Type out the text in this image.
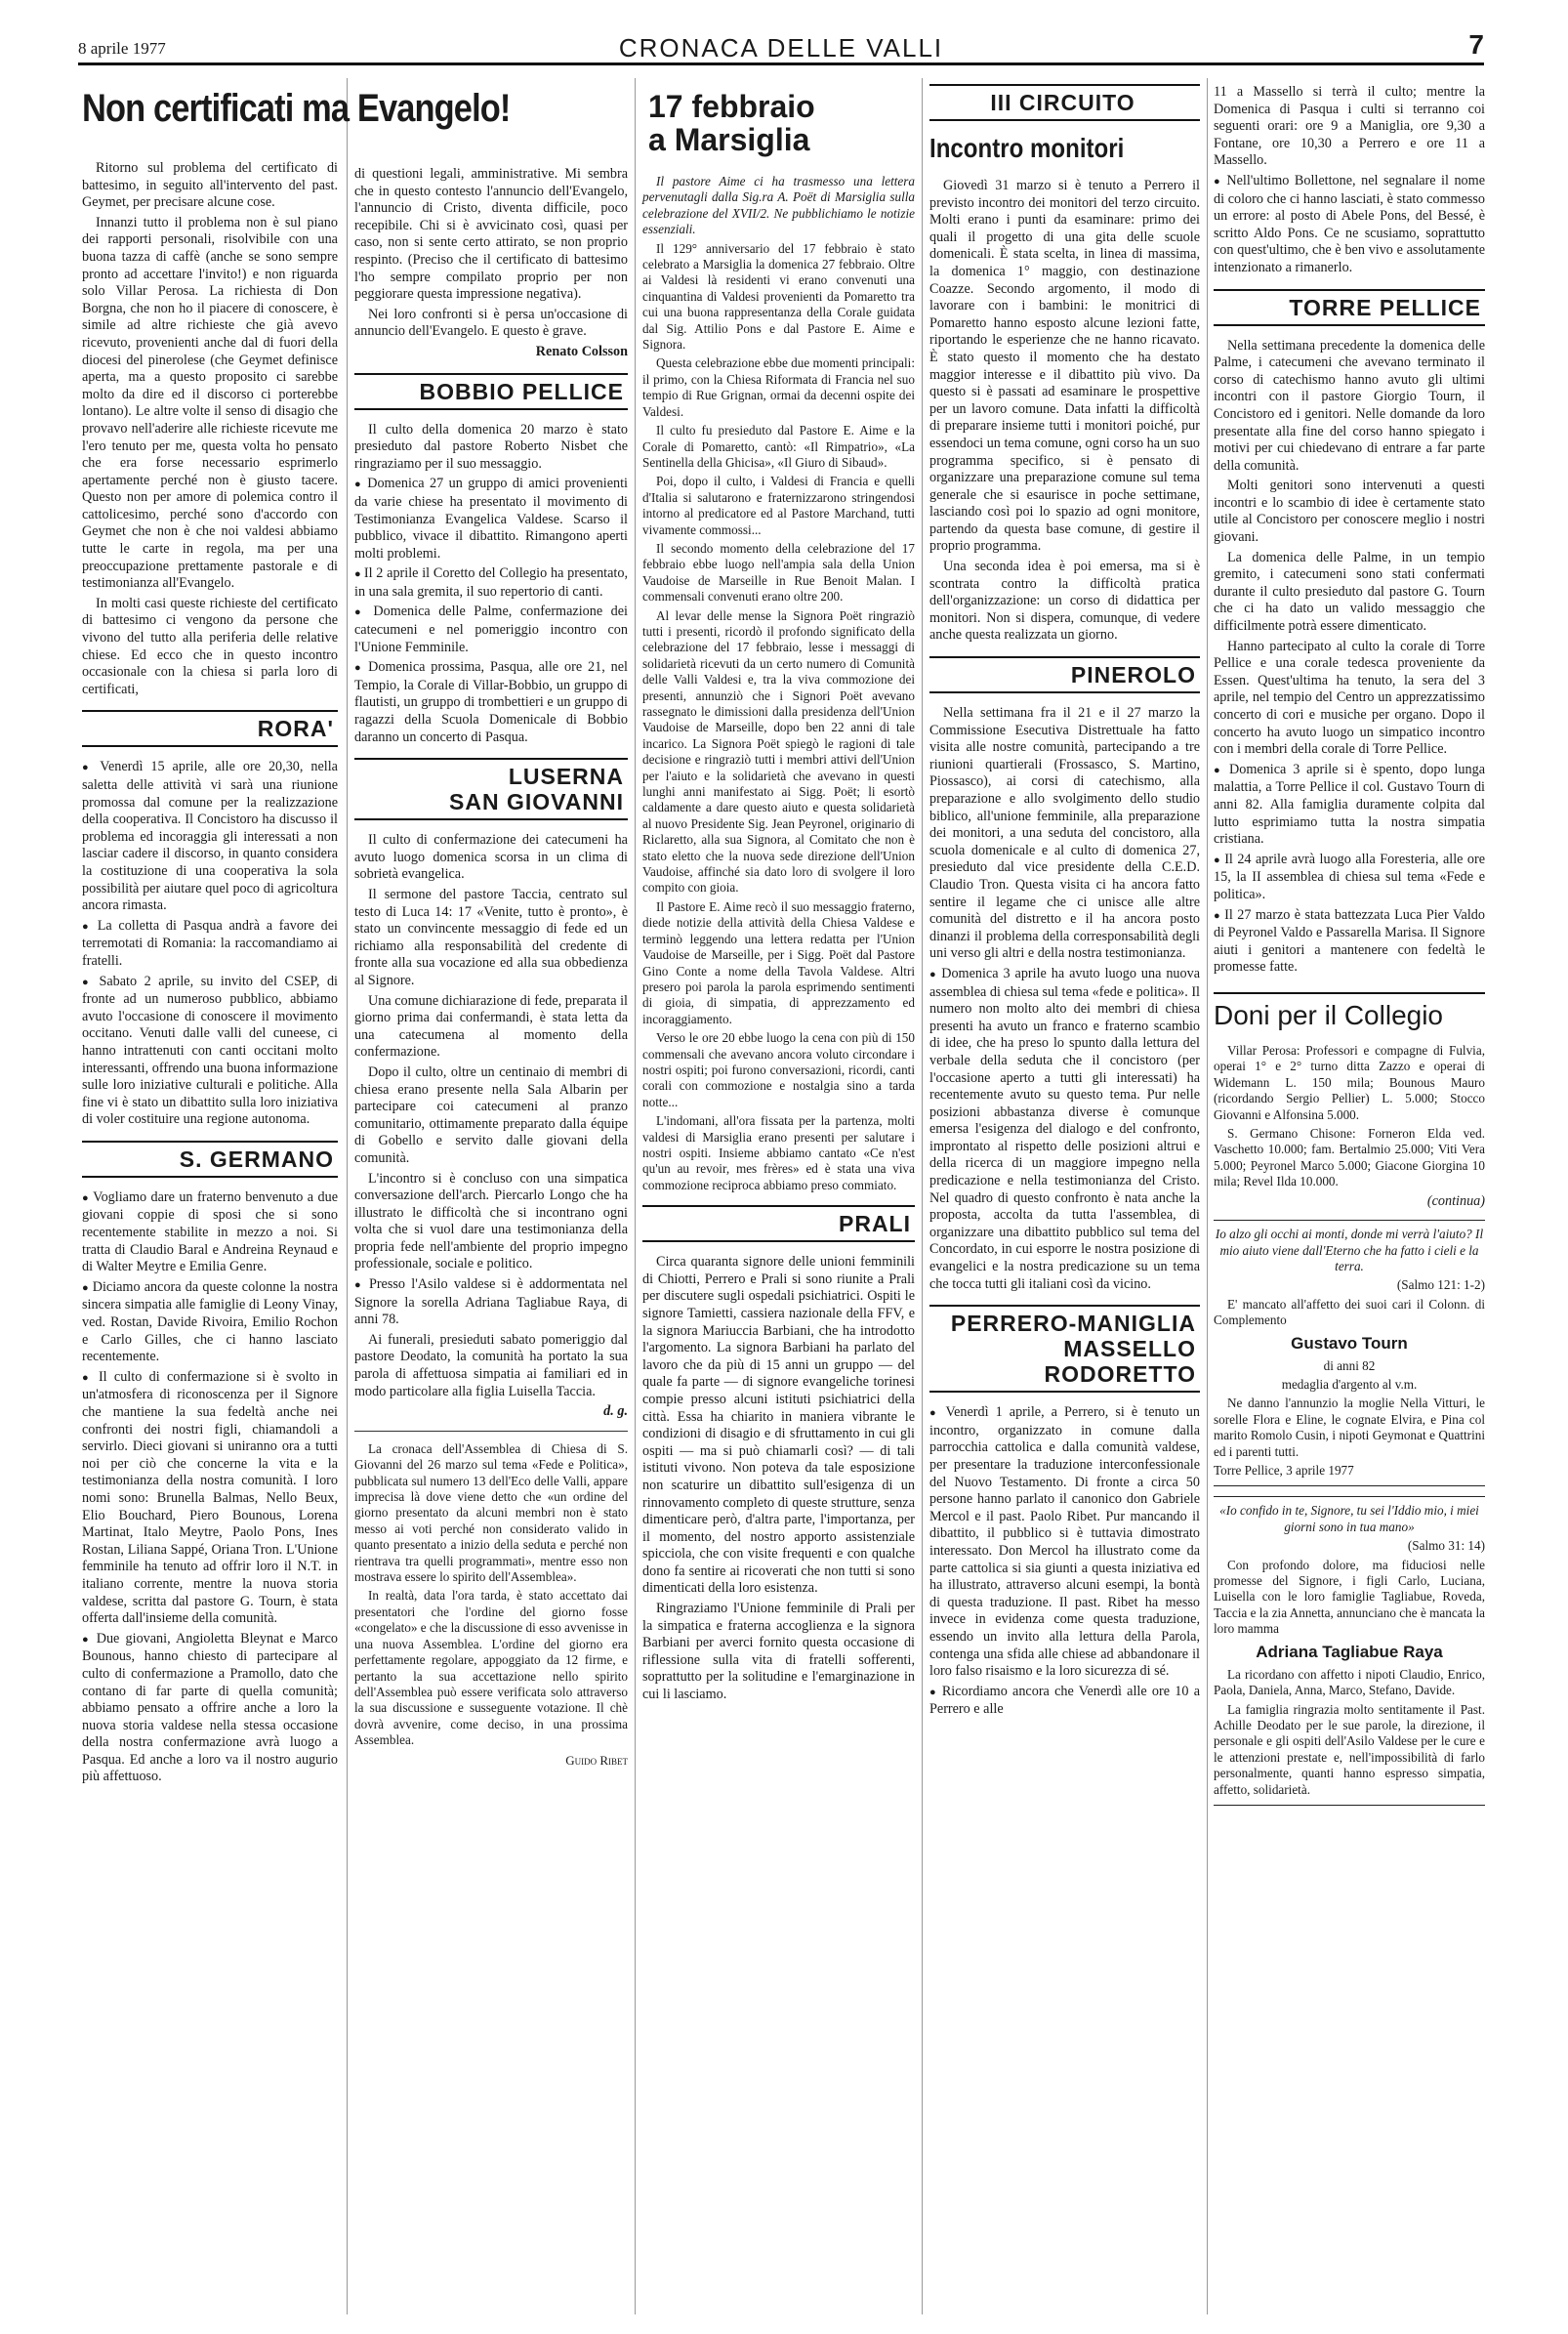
8 aprile 1977	CRONACA DELLE VALLI	7
Non certificati ma Evangelo!

Ritorno sul problema del certificato di battesimo, in seguito all'intervento del past. Geymet, per precisare alcune cose.

Innanzi tutto il problema non è sul piano dei rapporti personali, risolvibile con una buona tazza di caffè (anche se sono sempre pronto ad accettare l'invito!) e non riguarda solo Villar Perosa. La richiesta di Don Borgna, che non ho il piacere di conoscere, è simile ad altre richieste che già avevo ricevuto, provenienti anche dal di fuori della diocesi del pinerolese (che Geymet definisce aperta, ma a questo proposito ci sarebbe molto da dire ed il discorso ci porterebbe lontano). Le altre volte il senso di disagio che provavo nell'aderire alle richieste ricevute me l'ero tenuto per me, questa volta ho pensato che era forse necessario esprimerlo apertamente perché non è giusto tacere. Questo non per amore di polemica contro il cattolicesimo, perché sono d'accordo con Geymet che non è che noi valdesi abbiamo tutte le carte in regola, ma per una preoccupazione prettamente pastorale e di testimonianza all'Evangelo.

In molti casi queste richieste del certificato di battesimo ci vengono da persone che vivono del tutto alla periferia delle relative chiese. Ed ecco che in questo incontro occasionale con la chiesa si parla loro di certificati,

RORA'

● Venerdì 15 aprile, alle ore 20,30, nella saletta delle attività vi sarà una riunione promossa dal comune per la realizzazione della cooperativa. Il Concistoro ha discusso il problema ed incoraggia gli interessati a non lasciar cadere il discorso, in quanto considera la costituzione di una cooperativa la sola possibilità per aiutare quel poco di agricoltura ancora rimasta.

● La colletta di Pasqua andrà a favore dei terremotati di Romania: la raccomandiamo ai fratelli.

● Sabato 2 aprile, su invito del CSEP, di fronte ad un numeroso pubblico, abbiamo avuto l'occasione di conoscere il movimento occitano. Venuti dalle valli del cuneese, ci hanno intrattenuti con canti occitani molto interessanti, offrendo una buona informazione sulle loro iniziative culturali e politiche. Alla fine vi è stato un dibattito sulla loro iniziativa di voler costituire una regione autonoma.

S. GERMANO

● Vogliamo dare un fraterno benvenuto a due giovani coppie di sposi che si sono recentemente stabilite in mezzo a noi. Si tratta di Claudio Baral e Andreina Reynaud e di Walter Meytre e Emilia Genre.

● Diciamo ancora da queste colonne la nostra sincera simpatia alle famiglie di Leony Vinay, ved. Rostan, Davide Rivoira, Emilio Rochon e Carlo Gilles, che ci hanno lasciato recentemente.

● Il culto di confermazione si è svolto in un'atmosfera di riconoscenza per il Signore che mantiene la sua fedeltà anche nei confronti dei nostri figli, chiamandoli a servirlo. Dieci giovani si uniranno ora a tutti noi per ciò che concerne la vita e la testimonianza della nostra comunità. I loro nomi sono: Brunella Balmas, Nello Beux, Elio Bouchard, Piero Bounous, Lorena Martinat, Italo Meytre, Paolo Pons, Ines Rostan, Liliana Sappé, Oriana Tron. L'Unione femminile ha tenuto ad offrir loro il N.T. in italiano corrente, mentre la nuova storia valdese, scritta dal pastore G. Tourn, è stata offerta dall'insieme della comunità.

● Due giovani, Angioletta Bleynat e Marco Bounous, hanno chiesto di partecipare al culto di confermazione a Pramollo, dato che contano di far parte di quella comunità; abbiamo pensato a offrire anche a loro la nuova storia valdese nella stessa occasione della nostra confermazione avrà luogo a Pasqua. Ed anche a loro va il nostro augurio più affettuoso.

di questioni legali, amministrative. Mi sembra che in questo contesto l'annuncio dell'Evangelo, l'annuncio di Cristo, diventa difficile, poco recepibile. Chi si è avvicinato così, quasi per caso, non si sente certo attirato, se non proprio respinto. (Preciso che il certificato di battesimo l'ho sempre compilato proprio per non peggiorare questa impressione negativa).

Nei loro confronti si è persa un'occasione di annuncio dell'Evangelo. E questo è grave.

Renato Colsson

BOBBIO PELLICE

Il culto della domenica 20 marzo è stato presieduto dal pastore Roberto Nisbet che ringraziamo per il suo messaggio.

● Domenica 27 un gruppo di amici provenienti da varie chiese ha presentato il movimento di Testimonianza Evangelica Valdese. Scarso il pubblico, vivace il dibattito. Rimangono aperti molti problemi.

● Il 2 aprile il Coretto del Collegio ha presentato, in una sala gremita, il suo repertorio di canti.

● Domenica delle Palme, confermazione dei catecumeni e nel pomeriggio incontro con l'Unione Femminile.

● Domenica prossima, Pasqua, alle ore 21, nel Tempio, la Corale di Villar-Bobbio, un gruppo di flautisti, un gruppo di trombettieri e un gruppo di ragazzi della Scuola Domenicale di Bobbio daranno un concerto di Pasqua.

LUSERNA
SAN GIOVANNI

Il culto di confermazione dei catecumeni ha avuto luogo domenica scorsa in un clima di sobrietà evangelica.

Il sermone del pastore Taccia, centrato sul testo di Luca 14: 17 «Venite, tutto è pronto», è stato un convincente messaggio di fede ed un richiamo alla responsabilità del credente di fronte alla sua vocazione ed alla sua obbedienza al Signore.

Una comune dichiarazione di fede, preparata il giorno prima dai confermandi, è stata letta da una catecumena al momento della confermazione.

Dopo il culto, oltre un centinaio di membri di chiesa erano presente nella Sala Albarin per partecipare coi catecumeni al pranzo comunitario, ottimamente preparato dalla équipe di Gobello e servito dalle giovani della comunità.

L'incontro si è concluso con una simpatica conversazione dell'arch. Piercarlo Longo che ha illustrato le difficoltà che si incontrano ogni volta che si vuol dare una testimonianza della propria fede nell'ambiente del proprio impegno professionale, sociale e politico.

● Presso l'Asilo valdese si è addormentata nel Signore la sorella Adriana Tagliabue Raya, di anni 78.

Ai funerali, presieduti sabato pomeriggio dal pastore Deodato, la comunità ha portato la sua parola di affettuosa simpatia ai familiari ed in modo particolare alla figlia Luisella Taccia.

d. g.

La cronaca dell'Assemblea di Chiesa di S. Giovanni del 26 marzo sul tema «Fede e Politica», pubblicata sul numero 13 dell'Eco delle Valli, appare imprecisa là dove viene detto che «un ordine del giorno presentato da alcuni membri non è stato messo ai voti perché non considerato valido in quanto presentato a inizio della seduta e perché non rientrava tra quelli programmati», mentre esso non mostrava essere lo spirito dell'Assemblea».

In realtà, data l'ora tarda, è stato accettato dai presentatori che l'ordine del giorno fosse «congelato» e che la discussione di esso avvenisse in una nuova Assemblea. L'ordine del giorno era perfettamente regolare, appoggiato da 12 firme, e pertanto la sua accettazione nello spirito dell'Assemblea può essere verificata solo attraverso la sua discussione e susseguente votazione. Il chè dovrà avvenire, come deciso, in una prossima Assemblea.

Guido Ribet

17 febbraio
a Marsiglia

Il pastore Aime ci ha trasmesso una lettera pervenutagli dalla Sig.ra A. Poët di Marsiglia sulla celebrazione del XVII/2. Ne pubblichiamo le notizie essenziali.

Il 129° anniversario del 17 febbraio è stato celebrato a Marsiglia la domenica 27 febbraio. Oltre ai Valdesi là residenti vi erano convenuti una cinquantina di Valdesi provenienti da Pomaretto tra cui una buona rappresentanza della Corale guidata dal Sig. Attilio Pons e dal Pastore E. Aime e Signora.

Questa celebrazione ebbe due momenti principali: il primo, con la Chiesa Riformata di Francia nel suo tempio di Rue Grignan, ormai da decenni ospite dei Valdesi.

Il culto fu presieduto dal Pastore E. Aime e la Corale di Pomaretto, cantò: «Il Rimpatrio», «La Sentinella della Ghicisa», «Il Giuro di Sibaud».

Poi, dopo il culto, i Valdesi di Francia e quelli d'Italia si salutarono e fraternizzarono stringendosi intorno al predicatore ed al Pastore Marchand, tutti vivamente commossi...

Il secondo momento della celebrazione del 17 febbraio ebbe luogo nell'ampia sala della Union Vaudoise de Marseille in Rue Benoit Malan. I commensali convenuti erano oltre 200.

Al levar delle mense la Signora Poët ringraziò tutti i presenti, ricordò il profondo significato della celebrazione del 17 febbraio, lesse i messaggi di solidarietà ricevuti da un certo numero di Comunità delle Valli Valdesi e, tra la viva commozione dei presenti, annunziò che i Signori Poët avevano rassegnato le dimissioni dalla presidenza dell'Union Vaudoise de Marseille, dopo ben 22 anni di tale incarico. La Signora Poët spiegò le ragioni di tale decisione e ringraziò tutti i membri attivi dell'Union per l'aiuto e la solidarietà che avevano in questi lunghi anni manifestato ai Sigg. Poët; li esortò caldamente a dare questo aiuto e questa solidarietà al nuovo Presidente Sig. Jean Peyronel, originario di Riclaretto, alla sua Signora, al Comitato che non è stato eletto che la nuova sede direzione dell'Union Vaudoise, affinché sia dato loro di svolgere il loro compito con gioia.

Il Pastore E. Aime recò il suo messaggio fraterno, diede notizie della attività della Chiesa Valdese e terminò leggendo una lettera redatta per l'Union Vaudoise de Marseille, per i Sigg. Poët dal Pastore Gino Conte a nome della Tavola Valdese. Altri presero poi parola la parola esprimendo sentimenti di gioia, di simpatia, di apprezzamento ed incoraggiamento.

Verso le ore 20 ebbe luogo la cena con più di 150 commensali che avevano ancora voluto circondare i nostri ospiti; poi furono conversazioni, ricordi, canti corali con commozione e nostalgia sino a tarda notte...

L'indomani, all'ora fissata per la partenza, molti valdesi di Marsiglia erano presenti per salutare i nostri ospiti. Insieme abbiamo cantato «Ce n'est qu'un au revoir, mes frères» ed è stata una viva commozione reciproca abbiamo preso commiato.

PRALI

Circa quaranta signore delle unioni femminili di Chiotti, Perrero e Prali si sono riunite a Prali per discutere sugli ospedali psichiatrici. Ospiti le signore Tamietti, cassiera nazionale della FFV, e la signora Mariuccia Barbiani, che ha introdotto l'argomento. La signora Barbiani ha parlato del lavoro che da più di 15 anni un gruppo — del quale fa parte — di signore evangeliche torinesi compie presso alcuni istituti psichiatrici della città. Essa ha chiarito in maniera vibrante le condizioni di disagio e di sfruttamento in cui gli ospiti — ma si può chiamarli così? — di tali istituti vivono. Non poteva da tale esposizione non scaturire un dibattito sull'esigenza di un rinnovamento completo di queste strutture, senza dimenticare però, d'altra parte, l'importanza, per il momento, del nostro apporto assistenziale spicciola, che con visite frequenti e con qualche dono fa sentire ai ricoverati che non tutti si sono dimenticati della loro esistenza.

Ringraziamo l'Unione femminile di Prali per la simpatica e fraterna accoglienza e la signora Barbiani per averci fornito questa occasione di riflessione sulla vita di fratelli sofferenti, soprattutto per la solitudine e l'emarginazione in cui li lasciamo.

III CIRCUITO
Incontro monitori

Giovedì 31 marzo si è tenuto a Perrero il previsto incontro dei monitori del terzo circuito. Molti erano i punti da esaminare: primo dei quali il progetto di una gita delle scuole domenicali. È stata scelta, in linea di massima, la domenica 1° maggio, con destinazione Coazze. Secondo argomento, il modo di lavorare con i bambini: le monitrici di Pomaretto hanno esposto alcune lezioni fatte, riportando le esperienze che ne hanno ricavato. È stato questo il momento che ha destato maggior interesse e il dibattito più vivo. Da questo si è passati ad esaminare le prospettive per un lavoro comune. Data infatti la difficoltà di preparare insieme tutti i monitori poiché, pur essendoci un tema comune, ogni corso ha un suo programma specifico, si è pensato di organizzare una preparazione comune sul tema generale che si esaurisce in poche settimane, lasciando così poi lo spazio ad ogni monitore, partendo da questa base comune, di gestire il proprio programma.

Una seconda idea è poi emersa, ma si è scontrata contro la difficoltà pratica dell'organizzazione: un corso di didattica per monitori. Non si dispera, comunque, di vedere anche questa realizzata un giorno.

PINEROLO

Nella settimana fra il 21 e il 27 marzo la Commissione Esecutiva Distrettuale ha fatto visita alle nostre comunità, partecipando a tre riunioni quartierali (Frossasco, S. Martino, Piossasco), ai corsi di catechismo, alla preparazione e allo svolgimento dello studio biblico, all'unione femminile, alla preparazione dei monitori, a una seduta del concistoro, alla scuola domenicale e al culto di domenica 27, presieduto dal vice presidente della C.E.D. Claudio Tron. Questa visita ci ha ancora fatto sentire il legame che ci unisce alle altre comunità del distretto e il ha ancora posto dinanzi il problema della corresponsabilità degli uni verso gli altri e della nostra testimonianza.

● Domenica 3 aprile ha avuto luogo una nuova assemblea di chiesa sul tema «fede e politica». Il numero non molto alto dei membri di chiesa presenti ha avuto un franco e fraterno scambio di idee, che ha preso lo spunto dalla lettura del verbale della seduta che il concistoro (per l'occasione aperto a tutti gli interessati) ha recentemente avuto su questo tema. Pur nelle posizioni abbastanza diverse è comunque emersa l'esigenza del dialogo e del confronto, improntato al rispetto delle posizioni altrui e della ricerca di un maggiore impegno nella predicazione e nella testimonianza del Cristo. Nel quadro di questo confronto è nata anche la proposta, accolta da tutta l'assemblea, di organizzare una dibattito pubblico sul tema del Concordato, in cui esporre le nostra posizione di evangelici e la nostra predicazione su un tema che tocca tutti gli italiani così da vicino.

PERRERO-MANIGLIA
MASSELLO
RODORETTO

● Venerdì 1 aprile, a Perrero, si è tenuto un incontro, organizzato in comune dalla parrocchia cattolica e dalla comunità valdese, per presentare la traduzione interconfessionale del Nuovo Testamento. Di fronte a circa 50 persone hanno parlato il canonico don Gabriele Mercol e il past. Paolo Ribet. Pur mancando il dibattito, il pubblico si è tuttavia dimostrato interessato. Don Mercol ha illustrato come da parte cattolica si sia giunti a questa iniziativa ed ha illustrato, attraverso alcuni esempi, la bontà di questa traduzione. Il past. Ribet ha messo invece in evidenza come questa traduzione, essendo un invito alla lettura della Parola, contenga una sfida alle chiese ad abbandonare il loro falso risaismo e la loro sicurezza di sé.

● Ricordiamo ancora che Venerdì alle ore 10 a Perrero e alle

11 a Massello si terrà il culto; mentre la Domenica di Pasqua i culti si terranno coi seguenti orari: ore 9 a Maniglia, ore 9,30 a Fontane, ore 10,30 a Perrero e ore 11 a Massello.

● Nell'ultimo Bollettone, nel segnalare il nome di coloro che ci hanno lasciati, è stato commesso un errore: al posto di Abele Pons, del Bessé, è scritto Aldo Pons. Ce ne scusiamo, soprattutto con quest'ultimo, che è ben vivo e assolutamente intenzionato a rimanerlo.

TORRE PELLICE

Nella settimana precedente la domenica delle Palme, i catecumeni che avevano terminato il corso di catechismo hanno avuto gli ultimi incontri con il pastore Giorgio Tourn, il Concistoro ed i genitori. Nelle domande da loro presentate alla fine del corso hanno spiegato i motivi per cui chiedevano di entrare a far parte della comunità.

Molti genitori sono intervenuti a questi incontri e lo scambio di idee è certamente stato utile al Concistoro per conoscere meglio i nostri giovani.

La domenica delle Palme, in un tempio gremito, i catecumeni sono stati confermati durante il culto presieduto dal pastore G. Tourn che ci ha dato un valido messaggio che difficilmente potrà essere dimenticato.

Hanno partecipato al culto la corale di Torre Pellice e una corale tedesca proveniente da Essen. Quest'ultima ha tenuto, la sera del 3 aprile, nel tempio del Centro un apprezzatissimo concerto di cori e musiche per organo. Dopo il concerto ha avuto luogo un simpatico incontro con i membri della corale di Torre Pellice.

● Domenica 3 aprile si è spento, dopo lunga malattia, a Torre Pellice il col. Gustavo Tourn di anni 82. Alla famiglia duramente colpita dal lutto esprimiamo tutta la nostra simpatia cristiana.

● Il 24 aprile avrà luogo alla Foresteria, alle ore 15, la II assemblea di chiesa sul tema «Fede e politica».

● Il 27 marzo è stata battezzata Luca Pier Valdo di Peyronel Valdo e Passarella Marisa. Il Signore aiuti i genitori a mantenere con fedeltà le promesse fatte.

Doni per il Collegio

Villar Perosa: Professori e compagne di Fulvia, operai 1° e 2° turno ditta Zazzo e operai di Widemann L. 150 mila; Bounous Mauro (ricordando Sergio Pellier) L. 5.000; Stocco Giovanni e Alfonsina 5.000.

S. Germano Chisone: Forneron Elda ved. Vaschetto 10.000; fam. Bertalmio 25.000; Viti Vera 5.000; Peyronel Marco 5.000; Giacone Giorgina 10 mila; Revel Ilda 10.000.

(continua)

Io alzo gli occhi ai monti, donde mi verrà l'aiuto? Il mio aiuto viene dall'Eterno che ha fatto i cieli e la terra.

(Salmo 121: 1-2)

E' mancato all'affetto dei suoi cari il Colonn. di Complemento

Gustavo Tourn

di anni 82

medaglia d'argento al v.m.

Ne danno l'annunzio la moglie Nella Vitturi, le sorelle Flora e Eline, le cognate Elvira, e Pina col marito Romolo Cusin, i nipoti Geymonat e Quattrini ed i parenti tutti.

Torre Pellice, 3 aprile 1977

«Io confido in te, Signore, tu sei l'Iddio mio, i miei giorni sono in tua mano»

(Salmo 31: 14)

Con profondo dolore, ma fiduciosi nelle promesse del Signore, i figli Carlo, Luciana, Luisella con le loro famiglie Tagliabue, Roveda, Taccia e la zia Annetta, annunciano che è mancata la loro mamma

Adriana Tagliabue Raya

La ricordano con affetto i nipoti Claudio, Enrico, Paola, Daniela, Anna, Marco, Stefano, Davide.

La famiglia ringrazia molto sentitamente il Past. Achille Deodato per le sue parole, la direzione, il personale e gli ospiti dell'Asilo Valdese per le cure e le attenzioni prestate e, nell'impossibilità di farlo personalmente, quanti hanno espresso simpatia, affetto, solidarietà.
